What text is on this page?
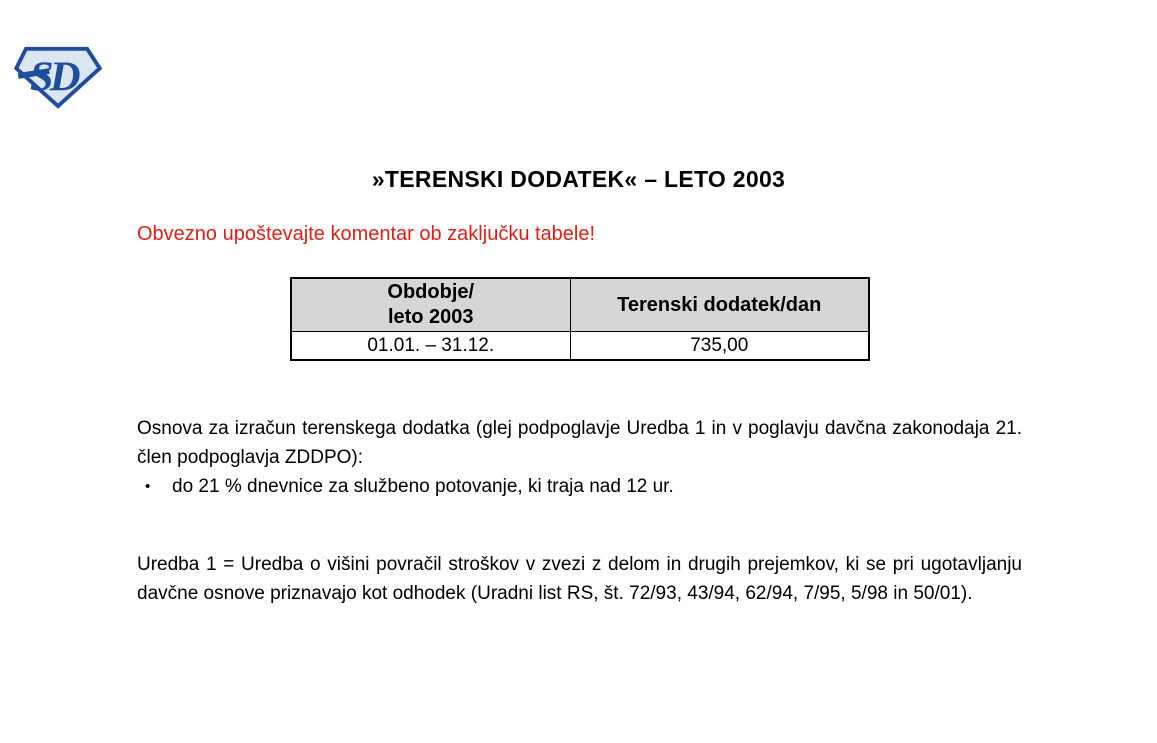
SD
»TERENSKI DODATEK« – LETO 2003
Obvezno upoštevajte komentar ob zaključku tabele!
Obdobje/
leto 2003	Terenski dodatek/dan
01.01. – 31.12.	735,00

Osnova za izračun terenskega dodatka (glej podpoglavje Uredba 1 in v poglavju davčna zakonodaja 21. člen podpoglavja ZDDPO):

•	do 21 % dnevnice za službeno potovanje, ki traja nad 12 ur.

Uredba 1 = Uredba o višini povračil stroškov v zvezi z delom in drugih prejemkov, ki se pri ugotavljanju davčne osnove priznavajo kot odhodek (Uradni list RS, št. 72/93, 43/94, 62/94, 7/95, 5/98 in 50/01).
